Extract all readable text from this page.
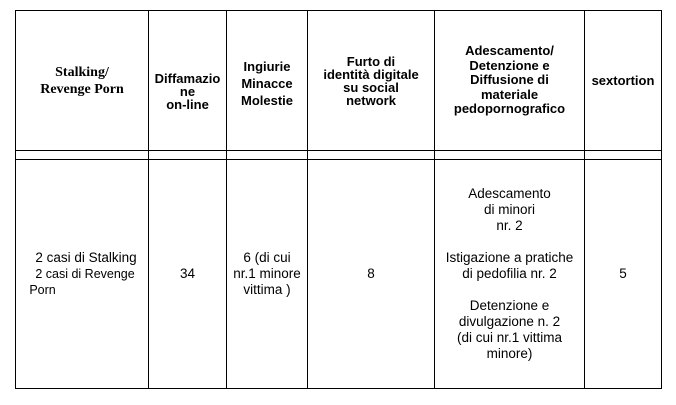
Stalking/
Revenge Porn
Diffamazio
ne
on-line
Ingiurie
Minacce
Molestie
Furto di
identità digitale
su social
network
Adescamento/
Detenzione e
Diffusione di
materiale
pedopornografico
sextortion
2 casi di Stalking
2 casi di Revenge
Porn
34
6 (di cui
nr.1 minore
vittima )
8
Adescamento
di minori
nr. 2
Istigazione a pratiche
di pedofilia nr. 2
Detenzione e
divulgazione n. 2
(di cui nr.1 vittima
minore)
5
